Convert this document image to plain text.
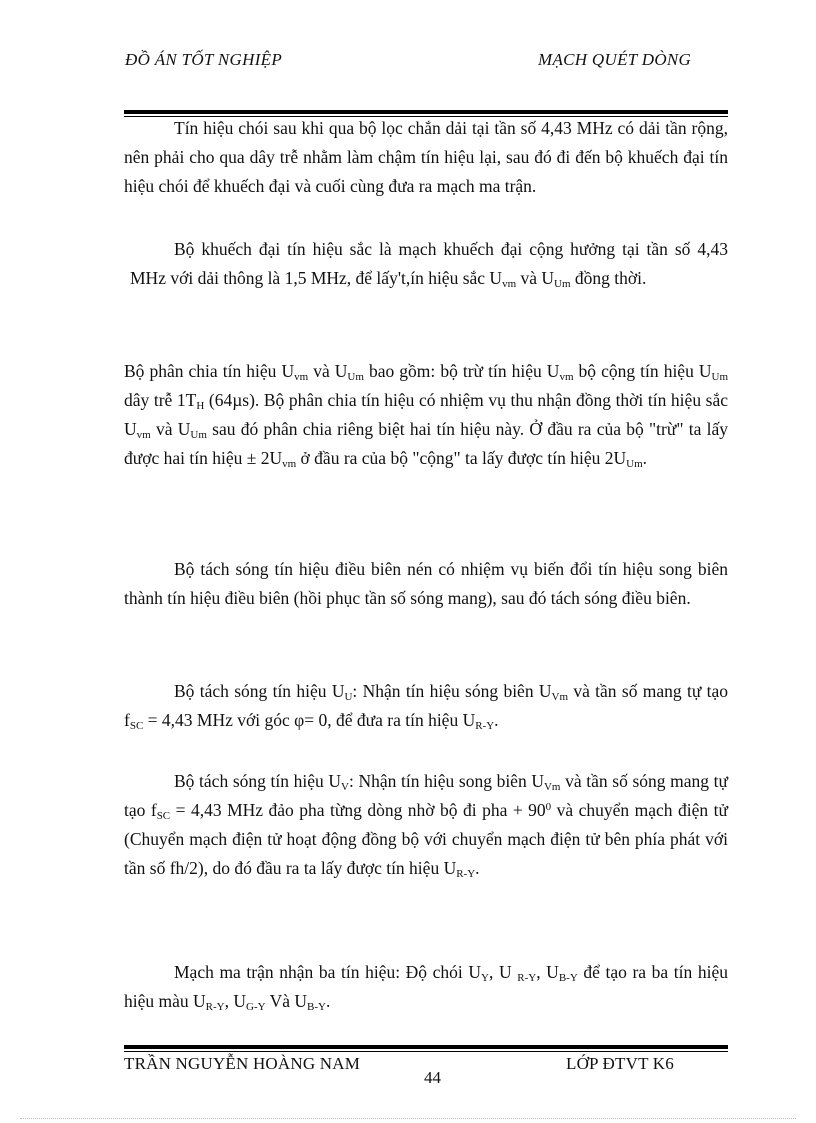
ĐỒ ÁN TỐT NGHIỆP	MẠCH QUÉT DÒNG

Tín hiệu chói sau khi qua bộ lọc chắn dải tại tần số 4,43 MHz có dải tần rộng, nên phải cho qua dây trễ nhằm làm chậm tín hiệu lại, sau đó đi đến bộ khuếch đại tín hiệu chói để khuếch đại và cuối cùng đưa ra mạch ma trận.

Bộ khuếch đại tín hiệu sắc là mạch khuếch đại cộng hưởng tại tần số 4,43 MHz với dải thông là 1,5 MHz, để lấy't,ín hiệu sắc $U_{vm}$ và $U_{Um}$ đồng thời.

Bộ phân chia tín hiệu $U_{vm}$ và $U_{Um}$ bao gồm: bộ trừ tín hiệu $U_{vm}$ bộ cộng tín hiệu $U_{Um}$ dây trễ $1T_H$ (64µs). Bộ phân chia tín hiệu có nhiệm vụ thu nhận đồng thời tín hiệu sắc $U_{vm}$ và $U_{Um}$ sau đó phân chia riêng biệt hai tín hiệu này. Ở đầu ra của bộ "trừ" ta lấy được hai tín hiệu ± $2U_{vm}$ ở đầu ra của bộ "cộng" ta lấy được tín hiệu $2U_{Um}$.

Bộ tách sóng tín hiệu điều biên nén có nhiệm vụ biến đổi tín hiệu song biên thành tín hiệu điều biên (hồi phục tần số sóng mang), sau đó tách sóng điều biên.

Bộ tách sóng tín hiệu $U_U$: Nhận tín hiệu sóng biên $U_{Vm}$ và tần số mang tự tạo $f_{SC} = 4,43$ MHz với góc φ= 0, để đưa ra tín hiệu $U_{R-Y}$.

Bộ tách sóng tín hiệu $U_V$: Nhận tín hiệu song biên $U_{Vm}$ và tần số sóng mang tự tạo $f_{SC} = 4,43$ MHz đảo pha từng dòng nhờ bộ đi pha + $90^0$ và chuyển mạch điện tử (Chuyển mạch điện tử hoạt động đồng bộ với chuyển mạch điện tử bên phía phát với tần số fh/2), do đó đầu ra ta lấy được tín hiệu $U_{R-Y}$.

Mạch ma trận nhận ba tín hiệu: Độ chói $U_Y$, U $_{R-Y}$, $U_{B-Y}$ để tạo ra ba tín hiệu hiệu màu $U_{R-Y}$, $U_{G-Y}$ Và $U_{B-Y}$.

TRẦN NGUYỄN HOÀNG NAM	LỚP ĐTVT K6
44
